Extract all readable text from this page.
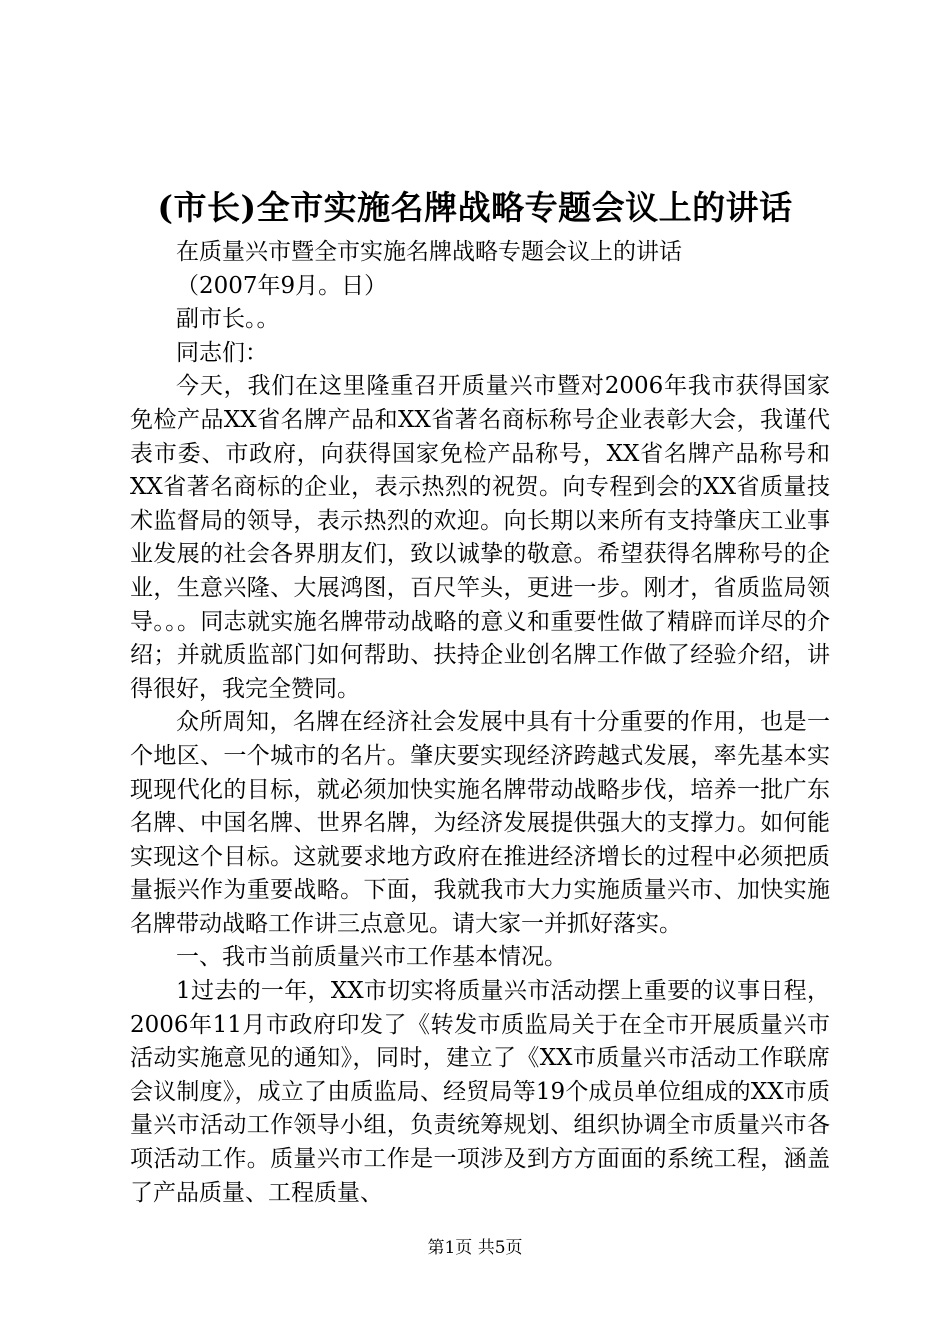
(市长)全市实施名牌战略专题会议上的讲话

在质量兴市暨全市实施名牌战略专题会议上的讲话

（2007年9月。日）

副市长。。

同志们：

今天，我们在这里隆重召开质量兴市暨对2006年我市获得国家免检产品XX省名牌产品和XX省著名商标称号企业表彰大会，我谨代表市委、市政府，向获得国家免检产品称号，XX省名牌产品称号和XX省著名商标的企业，表示热烈的祝贺。向专程到会的XX省质量技术监督局的领导，表示热烈的欢迎。向长期以来所有支持肇庆工业事业发展的社会各界朋友们，致以诚挚的敬意。希望获得名牌称号的企业，生意兴隆、大展鸿图，百尺竿头，更进一步。刚才，省质监局领导。。。同志就实施名牌带动战略的意义和重要性做了精辟而详尽的介绍；并就质监部门如何帮助、扶持企业创名牌工作做了经验介绍，讲得很好，我完全赞同。

众所周知，名牌在经济社会发展中具有十分重要的作用，也是一个地区、一个城市的名片。肇庆要实现经济跨越式发展，率先基本实现现代化的目标，就必须加快实施名牌带动战略步伐，培养一批广东名牌、中国名牌、世界名牌，为经济发展提供强大的支撑力。如何能实现这个目标。这就要求地方政府在推进经济增长的过程中必须把质量振兴作为重要战略。下面，我就我市大力实施质量兴市、加快实施名牌带动战略工作讲三点意见。请大家一并抓好落实。

一、我市当前质量兴市工作基本情况。

1过去的一年，XX市切实将质量兴市活动摆上重要的议事日程，2006年11月市政府印发了《转发市质监局关于在全市开展质量兴市活动实施意见的通知》，同时，建立了《XX市质量兴市活动工作联席会议制度》，成立了由质监局、经贸局等19个成员单位组成的XX市质量兴市活动工作领导小组，负责统筹规划、组织协调全市质量兴市各项活动工作。质量兴市工作是一项涉及到方方面面的系统工程，涵盖了产品质量、工程质量、

第1页 共5页
